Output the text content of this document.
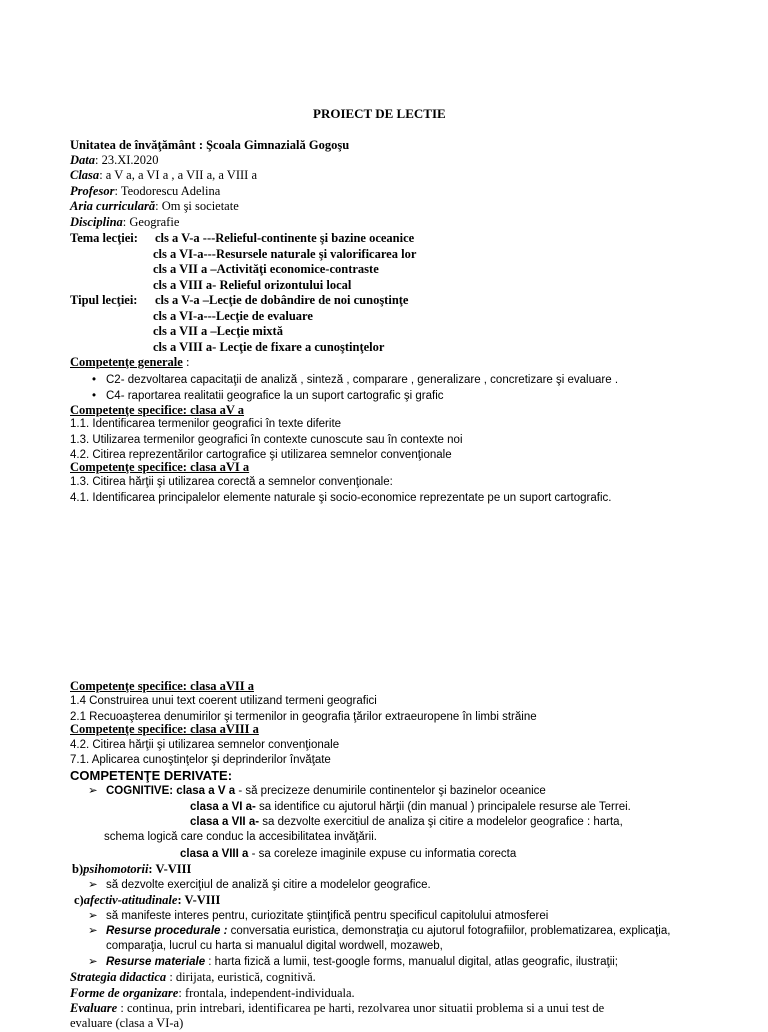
PROIECT DE LECTIE
Unitatea de învăţământ : Şcoala Gimnazială Gogoşu
Data: 23.XI.2020
Clasa: a V a, a VI a , a VII a, a VIII a
Profesor: Teodorescu Adelina
Aria curriculară: Om şi societate
Disciplina: Geografie
Tema lecţiei: cls a V-a ---Relieful-continente şi bazine oceanice
cls a VI-a---Resursele naturale şi valorificarea lor
cls a VII a –Activităţi economice-contraste
cls a VIII a- Relieful orizontului local
Tipul lecţiei: cls a V-a –Lecţie de dobândire de noi cunoştinţe
cls a VI-a---Lecţie de evaluare
cls a VII a –Lecţie mixtă
cls a VIII a- Lecţie de fixare a cunoştinţelor
Competenţe generale :
• C2- dezvoltarea capacitaţii de analiză , sinteză , comparare , generalizare , concretizare şi evaluare .
• C4- raportarea realitatii geografice la un suport cartografic şi grafic
Competenţe specifice: clasa aV a
1.1. Identificarea termenilor geografici în texte diferite
1.3. Utilizarea termenilor geografici în contexte cunoscute sau în contexte noi
4.2. Citirea reprezentărilor cartografice şi utilizarea semnelor convenţionale
Competenţe specifice: clasa aVI a
1.3. Citirea hărţii şi utilizarea corectă a semnelor convenţionale:
4.1. Identificarea principalelor elemente naturale şi socio-economice reprezentate pe un suport cartografic.
Competenţe specifice: clasa aVII a
1.4 Construirea unui text coerent utilizand termeni geografici
2.1 Recuoaşterea denumirilor şi termenilor in geografia ţărilor extraeuropene în limbi străine
Competenţe specifice: clasa aVIII a
4.2. Citirea hărţii şi utilizarea semnelor convenţionale
7.1. Aplicarea cunoştinţelor şi deprinderilor învăţate
COMPETENŢE DERIVATE:
➢ COGNITIVE: clasa a V a - să precizeze denumirile continentelor şi bazinelor oceanice
clasa a VI a- sa identifice cu ajutorul hărţii (din manual ) principalele resurse ale Terrei.
clasa a VII a- sa dezvolte exercitiul de analiza şi citire a modelelor geografice : harta,
schema logică care conduc la accesibilitatea invăţării.
clasa a VIII a - sa coreleze imaginile expuse cu informatia corecta
b)psihomotorii: V-VIII
➢ să dezvolte exerciţiul de analiză şi citire a modelelor geografice.
c)afectiv-atitudinale: V-VIII
➢ să manifeste interes pentru, curiozitate ştiinţifică pentru specificul capitolului atmosferei
➢ Resurse procedurale : conversatia euristica, demonstraţia cu ajutorul fotografiilor, problematizarea, explicaţia,
comparaţia, lucrul cu harta si manualul digital wordwell, mozaweb,
➢ Resurse materiale : harta fizică a lumii, test-google forms, manualul digital, atlas geografic, ilustraţii;
Strategia didactica : dirijata, euristică, cognitivă.
Forme de organizare: frontala, independent-individuala.
Evaluare : continua, prin intrebari, identificarea pe harti, rezolvarea unor situatii problema si a unui test de
evaluare (clasa a VI-a)
